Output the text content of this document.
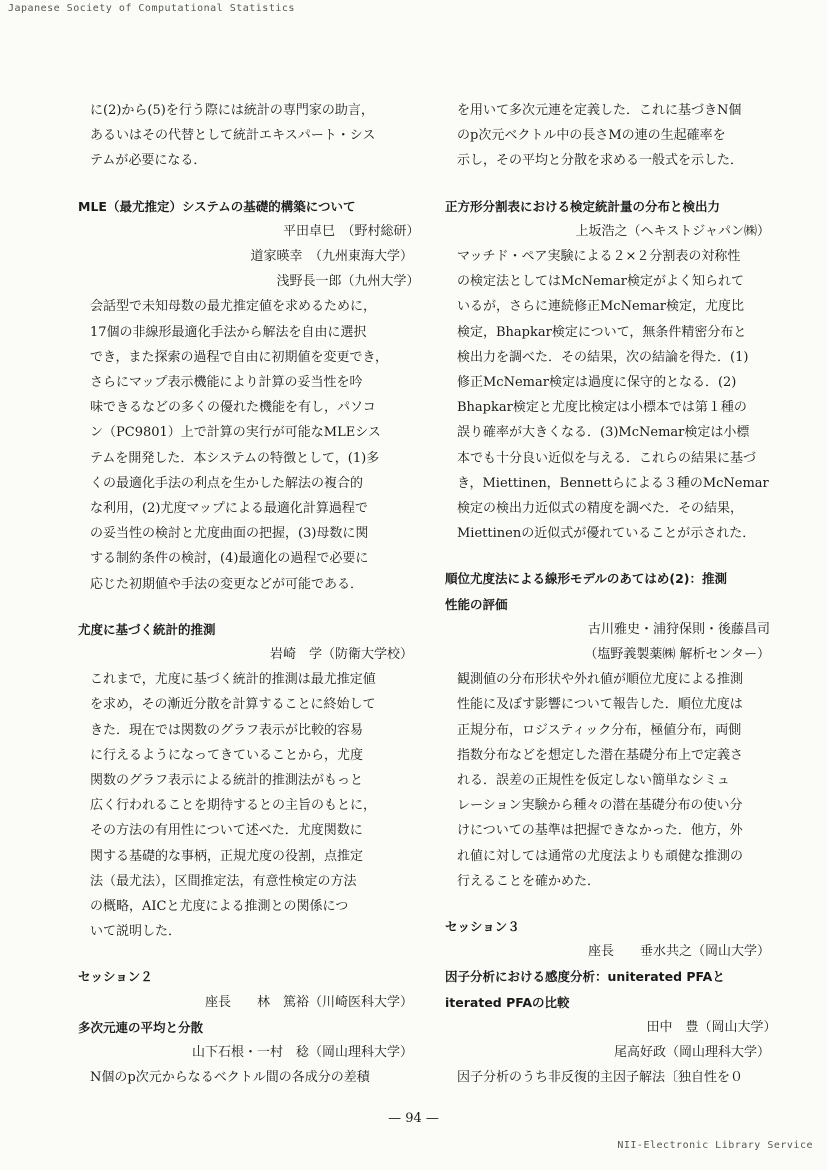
Japanese Society of Computational Statistics
に(2)から(5)を行う際には統計の専門家の助言，
あるいはその代替として統計エキスパート・シス
テムが必要になる．
MLE（最尤推定）システムの基礎的構築について
平田卓巳　（野村総研）　　　
道家暎幸　（九州東海大学）
浅野長一郎（九州大学）　　
会話型で未知母数の最尤推定値を求めるために，
17個の非線形最適化手法から解法を自由に選択
でき，また探索の過程で自由に初期値を変更でき，
さらにマップ表示機能により計算の妥当性を吟
味できるなどの多くの優れた機能を有し，パソコ
ン（PC9801）上で計算の実行が可能なMLEシス
テムを開発した．本システムの特徴として，(1)多
くの最適化手法の利点を生かした解法の複合的
な利用，(2)尤度マップによる最適化計算過程で
の妥当性の検討と尤度曲面の把握，(3)母数に関
する制約条件の検討，(4)最適化の過程で必要に
応じた初期値や手法の変更などが可能である．
尤度に基づく統計的推測
岩崎　学（防衛大学校）
これまで，尤度に基づく統計的推測は最尤推定値
を求め，その漸近分散を計算することに終始して
きた．現在では関数のグラフ表示が比較的容易
に行えるようになってきていることから，尤度
関数のグラフ表示による統計的推測法がもっと
広く行われることを期待するとの主旨のもとに，
その方法の有用性について述べた．尤度関数に
関する基礎的な事柄，正規尤度の役割，点推定
法（最尤法），区間推定法，有意性検定の方法
の概略，AICと尤度による推測との関係につ
いて説明した．
セッション２
座長　　林　篤裕（川崎医科大学）
多次元連の平均と分散
山下石根・一村　稔（岡山理科大学）
N個のp次元からなるベクトル間の各成分の差積
を用いて多次元連を定義した．これに基づきN個
のp次元ベクトル中の長さMの連の生起確率を
示し，その平均と分散を求める一般式を示した．
正方形分割表における検定統計量の分布と検出力
上坂浩之（ヘキストジャパン㈱）
マッチド・ペア実験による２×２分割表の対称性
の検定法としてはMcNemar検定がよく知られて
いるが，さらに連続修正McNemar検定，尤度比
検定，Bhapkar検定について，無条件精密分布と
検出力を調べた．その結果，次の結論を得た．(1)
修正McNemar検定は過度に保守的となる．(2)
Bhapkar検定と尤度比検定は小標本では第１種の
誤り確率が大きくなる．(3)McNemar検定は小標
本でも十分良い近似を与える．これらの結果に基づ
き，Miettinen，Bennettらによる３種のMcNemar
検定の検出力近似式の精度を調べた．その結果，
Miettinenの近似式が優れていることが示された．
順位尤度法による線形モデルのあてはめ(2)：推測
性能の評価
古川雅史・浦狩保則・後藤昌司
（塩野義製薬㈱ 解析センター）
観測値の分布形状や外れ値が順位尤度による推測
性能に及ぼす影響について報告した．順位尤度は
正規分布，ロジスティック分布，極値分布，両側
指数分布などを想定した潜在基礎分布上で定義さ
れる．誤差の正規性を仮定しない簡単なシミュ
レーション実験から種々の潜在基礎分布の使い分
けについての基準は把握できなかった．他方，外
れ値に対しては通常の尤度法よりも頑健な推測の
行えることを確かめた．
セッション３
座長　　垂水共之（岡山大学）
因子分析における感度分析：uniterated PFAと
iterated PFAの比較
田中　豊（岡山大学）　　
尾高好政（岡山理科大学）
因子分析のうち非反復的主因子解法〔独自性を０
— 94 —
NII-Electronic Library Service
